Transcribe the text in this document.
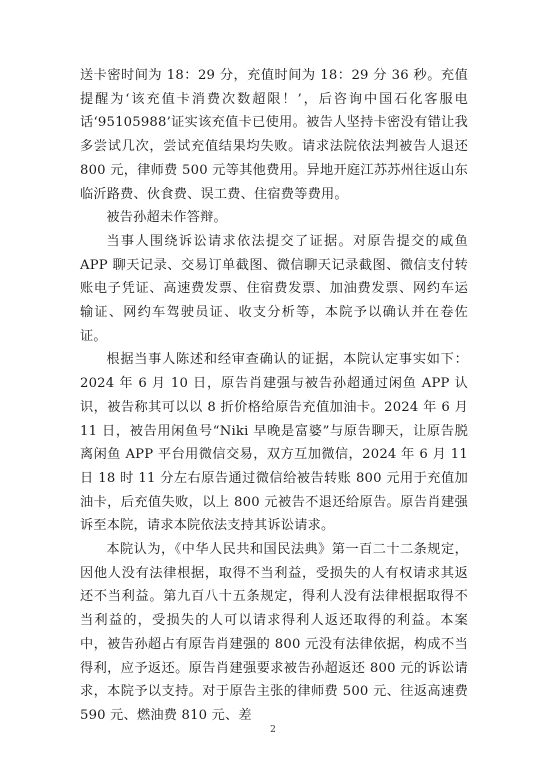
送卡密时间为 18：29 分，充值时间为 18：29 分 36 秒。充值提醒为‘该充值卡消费次数超限！’，后咨询中国石化客服电话‘95105988’证实该充值卡已使用。被告人坚持卡密没有错让我多尝试几次，尝试充值结果均失败。请求法院依法判被告人退还 800 元，律师费 500 元等其他费用。异地开庭江苏苏州往返山东临沂路费、伙食费、误工费、住宿费等费用。

被告孙超未作答辩。

当事人围绕诉讼请求依法提交了证据。对原告提交的咸鱼 APP 聊天记录、交易订单截图、微信聊天记录截图、微信支付转账电子凭证、高速费发票、住宿费发票、加油费发票、网约车运输证、网约车驾驶员证、收支分析等，本院予以确认并在卷佐证。

根据当事人陈述和经审查确认的证据，本院认定事实如下：2024 年 6 月 10 日，原告肖建强与被告孙超通过闲鱼 APP 认识，被告称其可以以 8 折价格给原告充值加油卡。2024 年 6 月 11 日，被告用闲鱼号“Niki 早晚是富婆”与原告聊天，让原告脱离闲鱼 APP 平台用微信交易，双方互加微信，2024 年 6 月 11 日 18 时 11 分左右原告通过微信给被告转账 800 元用于充值加油卡，后充值失败，以上 800 元被告不退还给原告。原告肖建强诉至本院，请求本院依法支持其诉讼请求。

本院认为，《中华人民共和国民法典》第一百二十二条规定，因他人没有法律根据，取得不当利益，受损失的人有权请求其返还不当利益。第九百八十五条规定，得利人没有法律根据取得不当利益的，受损失的人可以请求得利人返还取得的利益。本案中，被告孙超占有原告肖建强的 800 元没有法律依据，构成不当得利，应予返还。原告肖建强要求被告孙超返还 800 元的诉讼请求，本院予以支持。对于原告主张的律师费 500 元、往返高速费 590 元、燃油费 810 元、差

2
